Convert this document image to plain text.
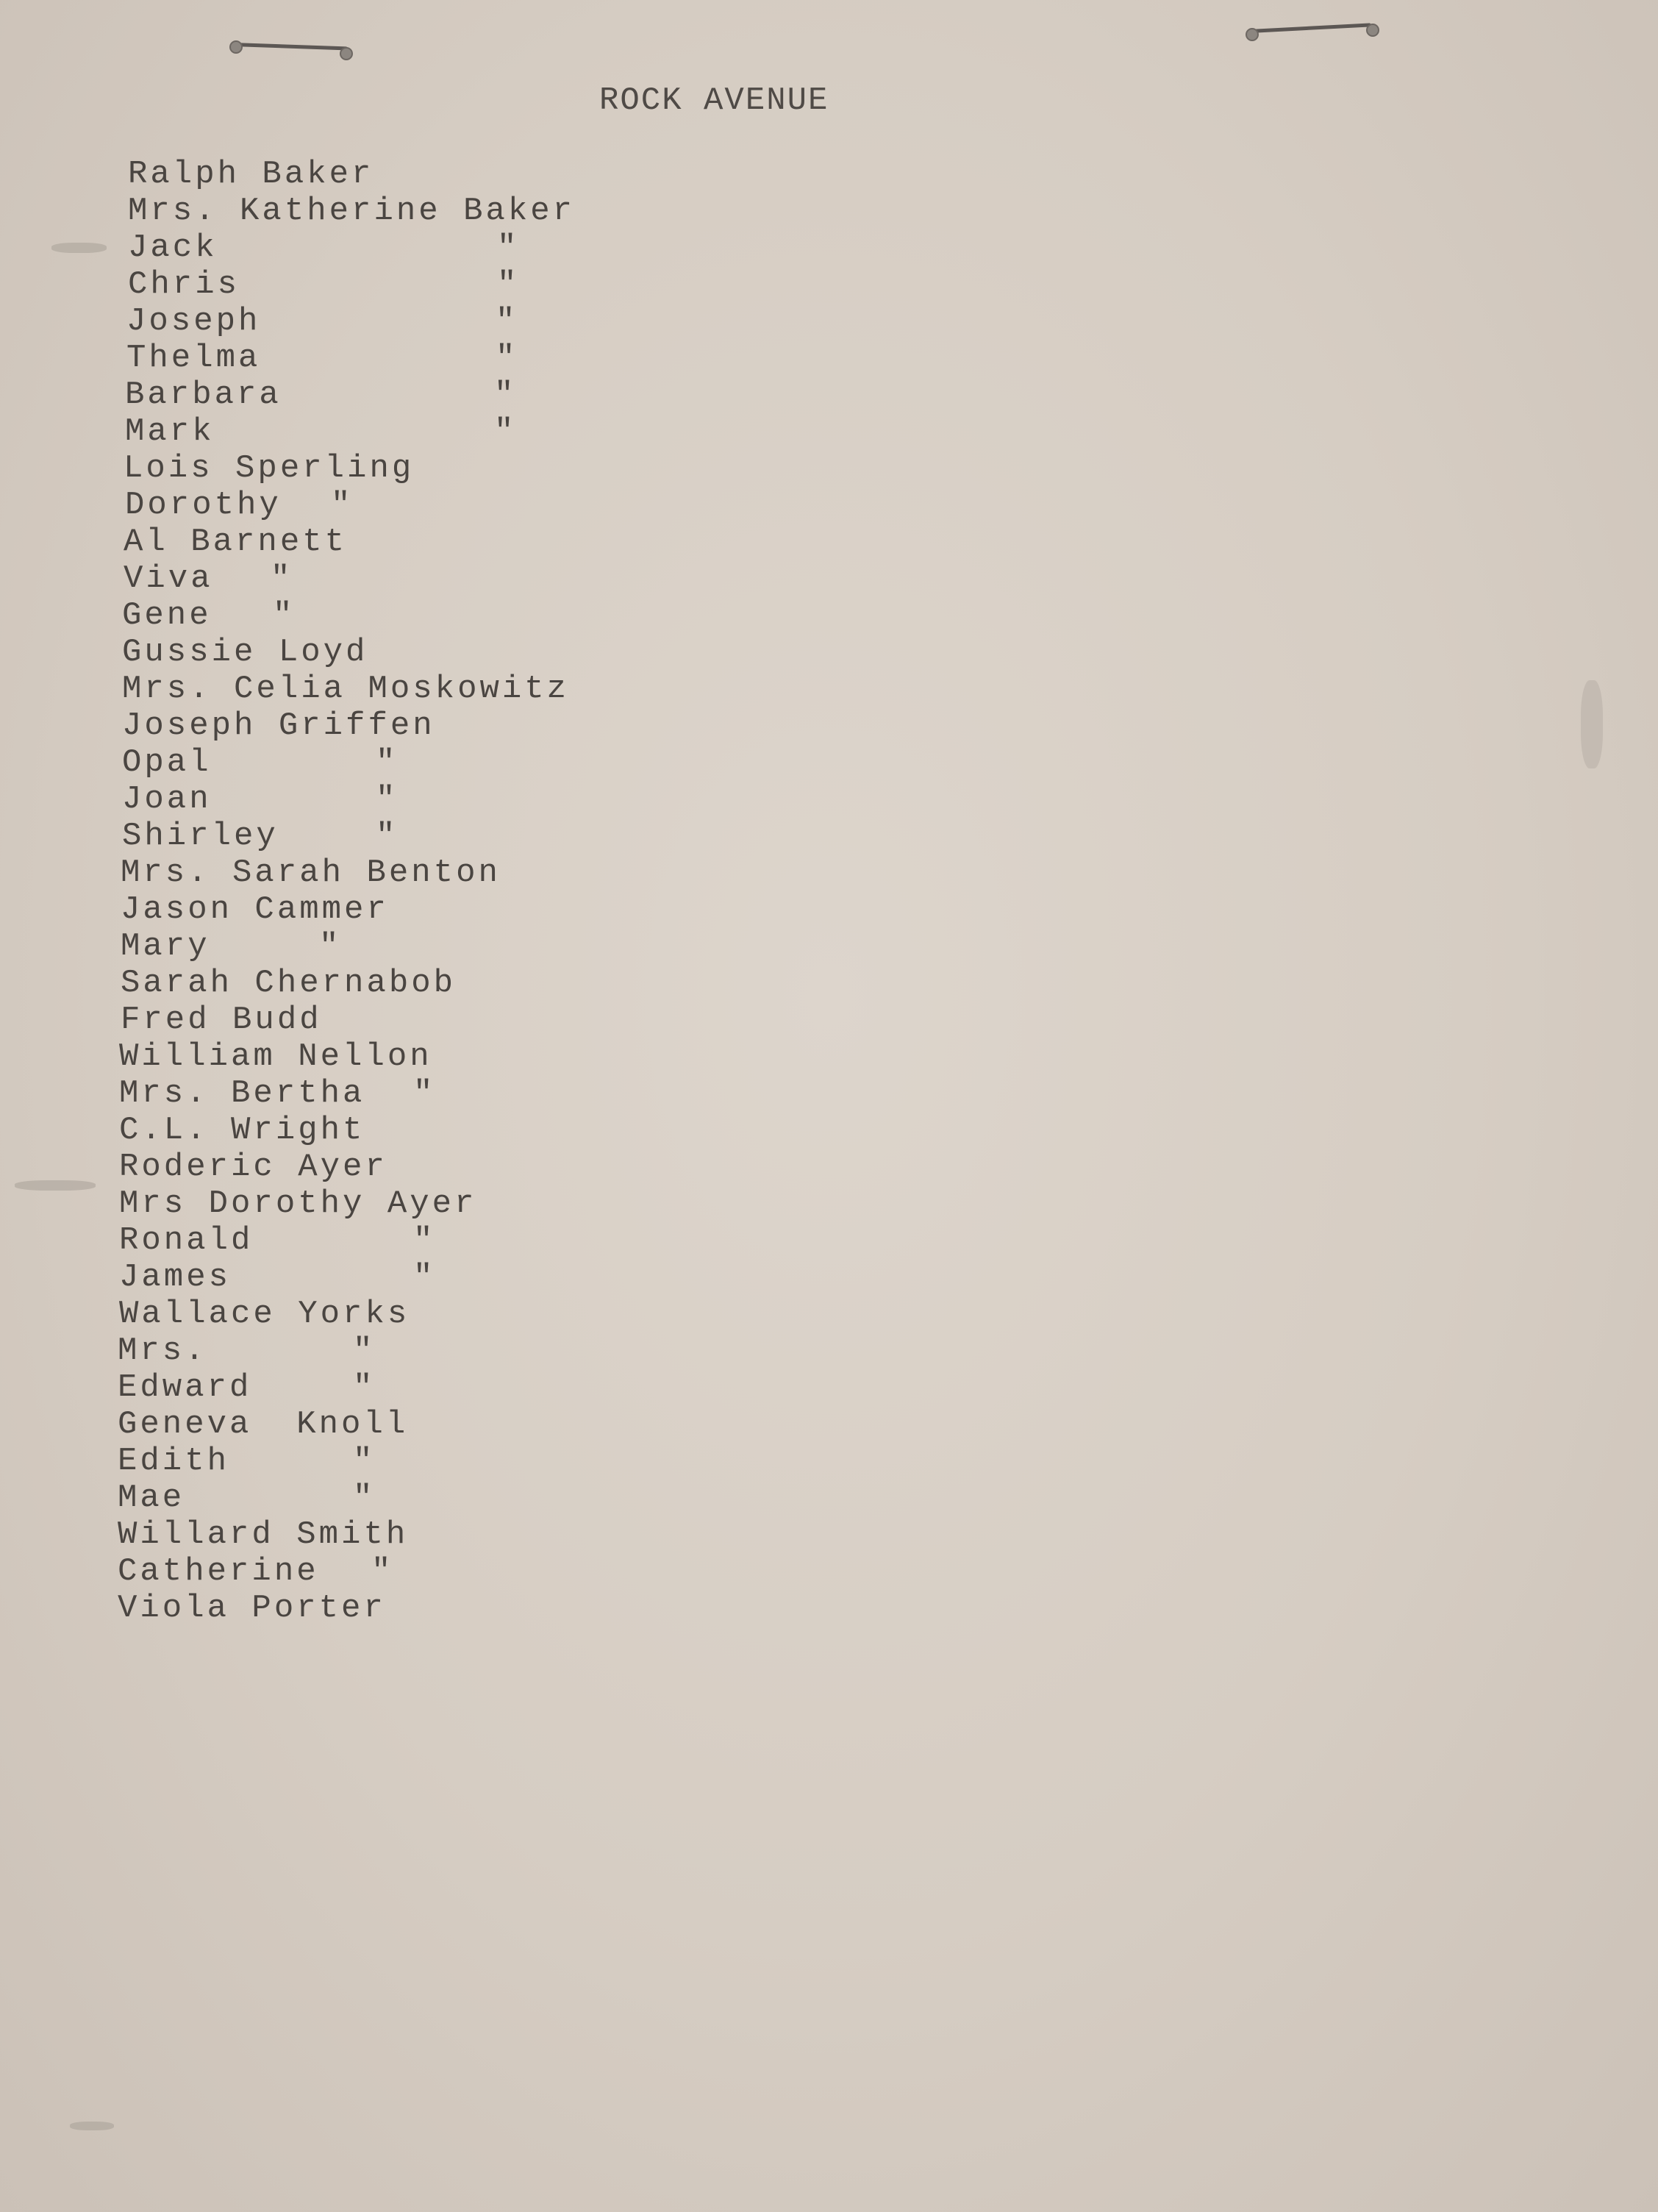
ROCK AVENUE
Ralph Baker
Mrs. Katherine Baker
Jack	"
Chris	"
Joseph	"
Thelma	"
Barbara	"
Mark	"
Lois Sperling
Dorothy "
Al Barnett
Viva "
Gene "
Gussie Loyd
Mrs. Celia Moskowitz
Joseph Griffen
Opal	"
Joan	"
Shirley	"
Mrs. Sarah Benton
Jason Cammer
Mary	"
Sarah Chernabob
Fred Budd
William Nellon
Mrs. Bertha "
C.L. Wright
Roderic Ayer
Mrs Dorothy Ayer
Ronald	"
James	"
Wallace Yorks
Mrs.	"
Edward	"
Geneva  Knoll
Edith	"
Mae	"
Willard Smith
Catherine "
Viola Porter
